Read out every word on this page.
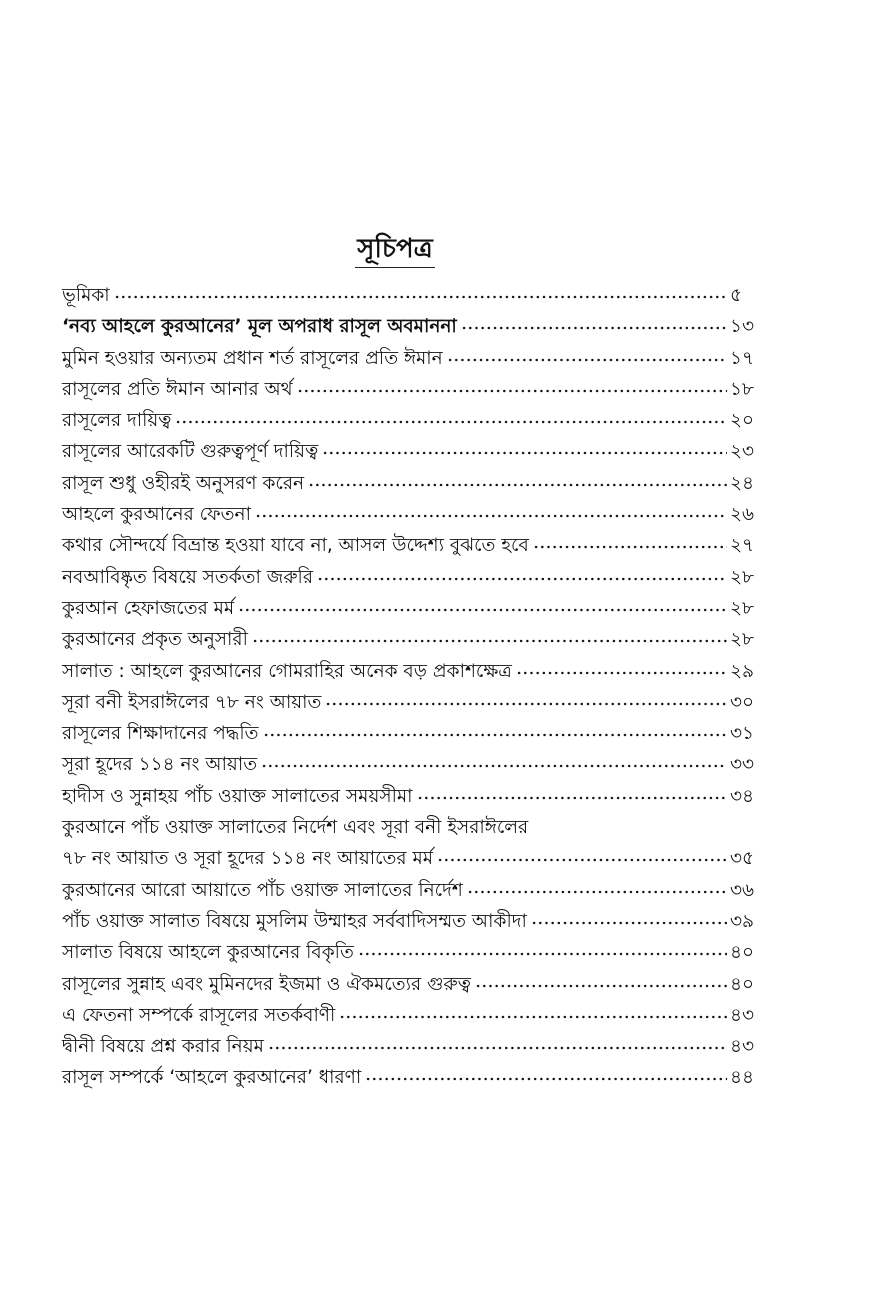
সূচিপত্র
ভূমিকা	৫
‘নব্য আহলে কুরআনের’ মূল অপরাধ রাসূল অবমাননা	১৩
মুমিন হওয়ার অন্যতম প্রধান শর্ত রাসূলের প্রতি ঈমান	১৭
রাসূলের প্রতি ঈমান আনার অর্থ	১৮
রাসূলের দায়িত্ব	২০
রাসূলের আরেকটি গুরুত্বপূর্ণ দায়িত্ব	২৩
রাসূল শুধু ওহীরই অনুসরণ করেন	২৪
আহলে কুরআনের ফেতনা	২৬
কথার সৌন্দর্যে বিভ্রান্ত হওয়া যাবে না, আসল উদ্দেশ্য বুঝতে হবে	২৭
নবআবিষ্কৃত বিষয়ে সতর্কতা জরুরি	২৮
কুরআন হেফাজতের মর্ম	২৮
কুরআনের প্রকৃত অনুসারী	২৮
সালাত : আহলে কুরআনের গোমরাহির অনেক বড় প্রকাশক্ষেত্র	২৯
সূরা বনী ইসরাঈলের ৭৮ নং আয়াত	৩০
রাসূলের শিক্ষাদানের পদ্ধতি	৩১
সূরা হূদের ১১৪ নং আয়াত	৩৩
হাদীস ও সুন্নাহয় পাঁচ ওয়াক্ত সালাতের সময়সীমা	৩৪
কুরআনে পাঁচ ওয়াক্ত সালাতের নির্দেশ এবং সূরা বনী ইসরাঈলের
৭৮ নং আয়াত ও সূরা হূদের ১১৪ নং আয়াতের মর্ম	৩৫
কুরআনের আরো আয়াতে পাঁচ ওয়াক্ত সালাতের নির্দেশ	৩৬
পাঁচ ওয়াক্ত সালাত বিষয়ে মুসলিম উম্মাহর সর্ববাদিসম্মত আকীদা	৩৯
সালাত বিষয়ে আহলে কুরআনের বিকৃতি	৪০
রাসূলের সুন্নাহ এবং মুমিনদের ইজমা ও ঐকমত্যের গুরুত্ব	৪০
এ ফেতনা সম্পর্কে রাসূলের সতর্কবাণী	৪৩
দ্বীনী বিষয়ে প্রশ্ন করার নিয়ম	৪৩
রাসূল সম্পর্কে ‘আহলে কুরআনের’ ধারণা	৪৪
